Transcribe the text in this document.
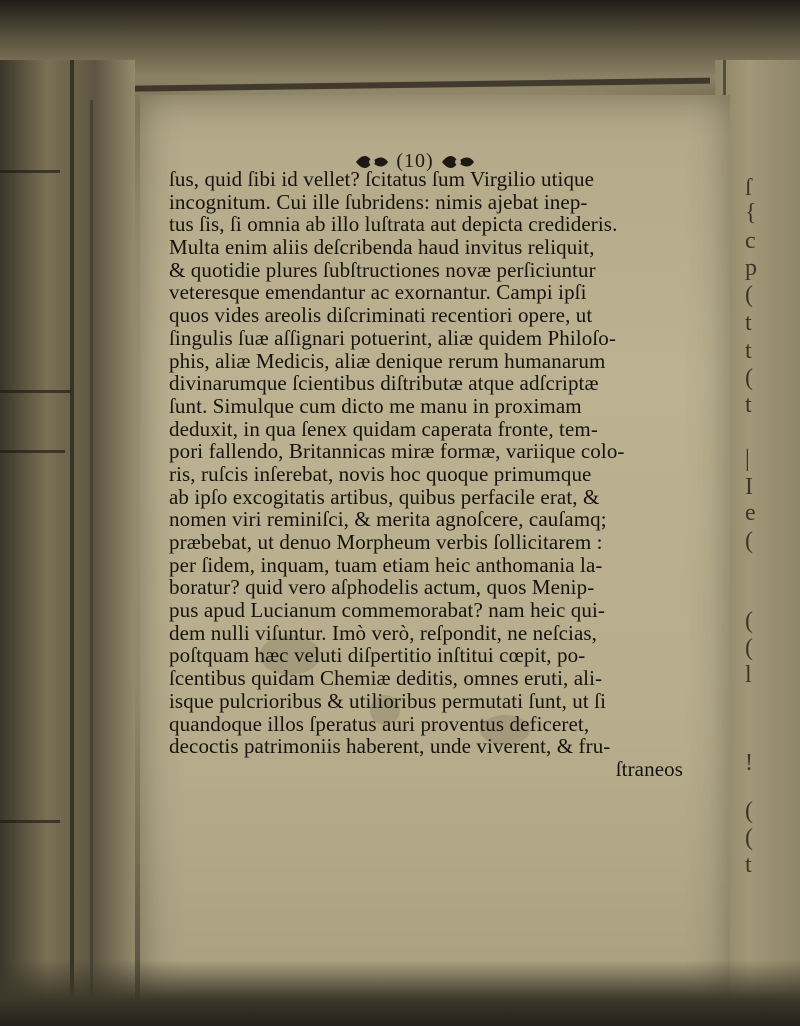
ſ
{
c
p
(
t
t
(
t
|
I
e
(
(
(
l
!
(
(
t
(10)
ſus, quid ſibi id vellet? ſcitatus ſum Virgilio utique
incognitum. Cui ille ſubridens: nimis ajebat inep-
tus ſis, ſi omnia ab illo luſtrata aut depicta credideris.
Multa enim aliis deſcribenda haud invitus reliquit,
& quotidie plures ſubſtructiones novæ perſiciuntur
veteresque emendantur ac exornantur. Campi ipſi
quos vides areolis diſcriminati recentiori opere, ut
ſingulis ſuæ aſſignari potuerint, aliæ quidem Philoſo-
phis, aliæ Medicis, aliæ denique rerum humanarum
divinarumque ſcientibus diſtributæ atque adſcriptæ
ſunt. Simulque cum dicto me manu in proximam
deduxit, in qua ſenex quidam caperata fronte, tem-
pori fallendo, Britannicas miræ formæ, variique colo-
ris, ruſcis inſerebat, novis hoc quoque primumque
ab ipſo excogitatis artibus, quibus perfacile erat, &
nomen viri reminiſci, & merita agnoſcere, cauſamq;
præbebat, ut denuo Morpheum verbis ſollicitarem :
per ſidem, inquam, tuam etiam heic anthomania la-
boratur? quid vero aſphodelis actum, quos Menip-
pus apud Lucianum commemorabat? nam heic qui-
dem nulli viſuntur. Imò verò, reſpondit, ne neſcias,
poſtquam hæc veluti diſpertitio inſtitui cœpit, po-
ſcentibus quidam Chemiæ deditis, omnes eruti, ali-
isque pulcrioribus & utilioribus permutati ſunt, ut ſi
quandoque illos ſperatus auri proventus deficeret,
decoctis patrimoniis haberent, unde viverent, & fru-
ſtraneos
